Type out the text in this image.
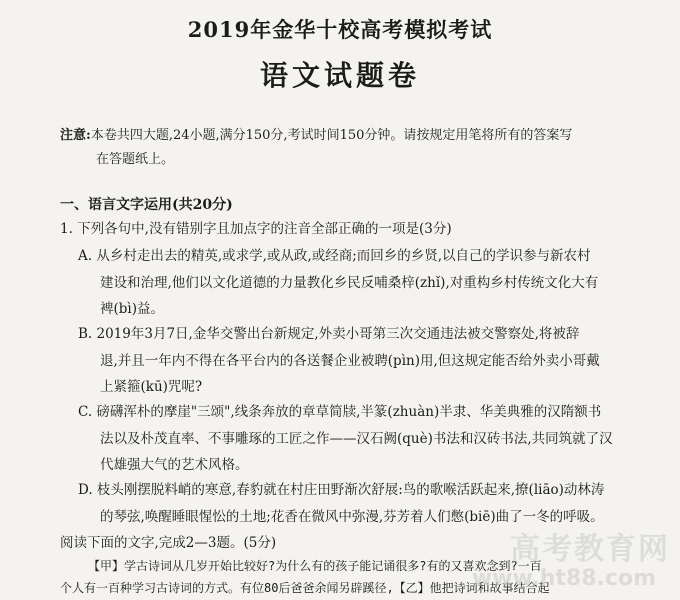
2019年金华十校高考模拟考试
语文试题卷
注意:本卷共四大题,24小题,满分150分,考试时间150分钟。请按规定用笔将所有的答案写
在答题纸上。
一、语言文字运用(共20分)
1. 下列各句中,没有错别字且加点字的注音全部正确的一项是(3分)
A. 从乡村走出去的精英,或求学,或从政,或经商;而回乡的乡贤,以自己的学识参与新农村
建设和治理,他们以文化道德的力量教化乡民反哺桑梓(zhǐ),对重构乡村传统文化大有
裨(bì)益。
B. 2019年3月7日,金华交警出台新规定,外卖小哥第三次交通违法被交警察处,将被辞
退,并且一年内不得在各平台内的各送餐企业被聘(pìn)用,但这规定能否给外卖小哥戴
上紧箍(kū)咒呢?
C. 磅礴浑朴的摩崖"三颂",线条奔放的章草简牍,半篆(zhuàn)半隶、华美典雅的汉隋额书
法以及朴茂直率、不事雕琢的工匠之作——汉石阙(què)书法和汉砖书法,共同筑就了汉
代雄强大气的艺术风格。
D. 枝头刚摆脱料峭的寒意,春豹就在村庄田野渐次舒展:鸟的歌喉活跃起来,撩(liāo)动林涛
的琴弦,唤醒睡眼惺忪的土地;花香在微风中弥漫,芬芳着人们憋(biē)曲了一冬的呼吸。
阅读下面的文字,完成2—3题。(5分)
【甲】学古诗词从几岁开始比较好?为什么有的孩子能记诵很多?有的又喜欢念到?一百
个人有一百种学习古诗词的方式。有位80后爸爸余闻另辟蹊径,【乙】他把诗词和故事结合起
高考教育网
www.ht88.com
